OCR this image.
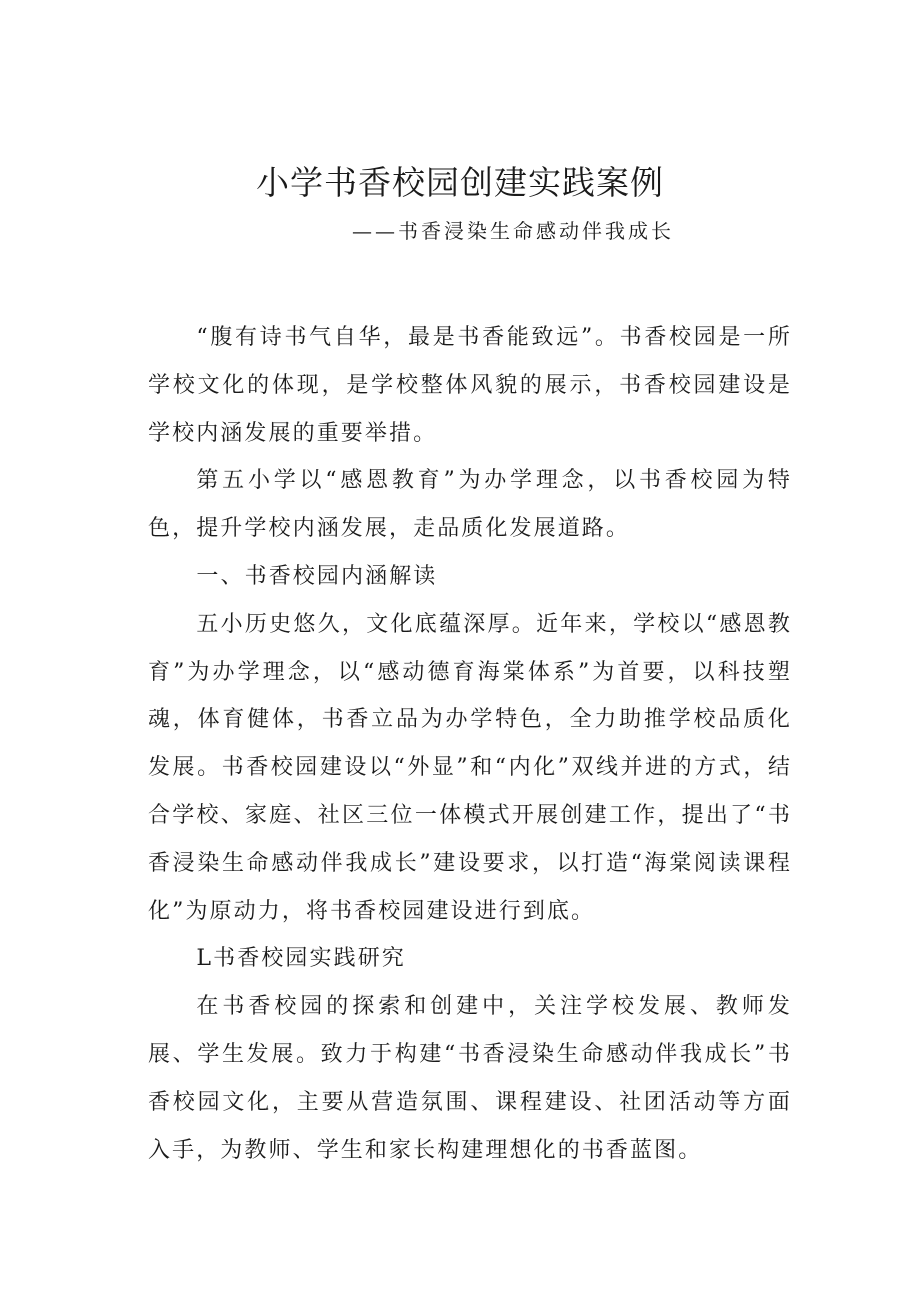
小学书香校园创建实践案例
——书香浸染生命感动伴我成长

“腹有诗书气自华，最是书香能致远”。书香校园是一所学校文化的体现，是学校整体风貌的展示，书香校园建设是学校内涵发展的重要举措。

第五小学以“感恩教育”为办学理念，以书香校园为特色，提升学校内涵发展，走品质化发展道路。

一、书香校园内涵解读

五小历史悠久，文化底蕴深厚。近年来，学校以“感恩教育”为办学理念，以“感动德育海棠体系”为首要，以科技塑魂，体育健体，书香立品为办学特色，全力助推学校品质化发展。书香校园建设以“外显”和“内化”双线并进的方式，结合学校、家庭、社区三位一体模式开展创建工作，提出了“书香浸染生命感动伴我成长”建设要求，以打造“海棠阅读课程化”为原动力，将书香校园建设进行到底。

L书香校园实践研究

在书香校园的探索和创建中，关注学校发展、教师发展、学生发展。致力于构建“书香浸染生命感动伴我成长”书香校园文化，主要从营造氛围、课程建设、社团活动等方面入手，为教师、学生和家长构建理想化的书香蓝图。
